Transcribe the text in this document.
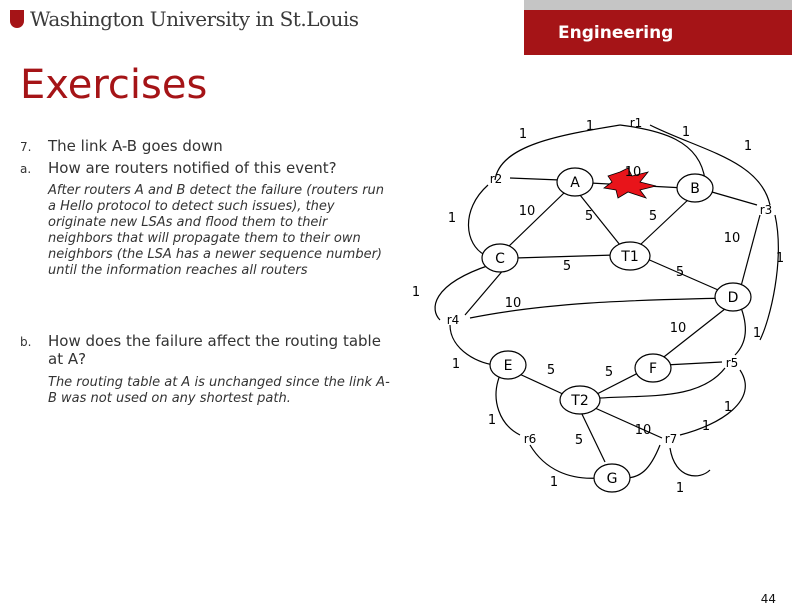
Washington University in St.Louis
Engineering
Exercises
7. The link A-B goes down
a. How are routers notified of this event?
After routers A and B detect the failure (routers run
a Hello protocol to detect such issues), they
originate new LSAs and flood them to their
neighbors that will propagate them to their own
neighbors (the LSA has a newer sequence number)
until the information reaches all routers
b. How does the failure affect the routing table
at A?
The routing table at A is unchanged since the link A-
B was not used on any shortest path.
A	B
C
D
E	F
G
T1
T2
r1
r2
r3
r4
r5
r6	r7
1
1	1
1
10
10	5	5
10
5	5
1
1
10
1
10	1
1	5	5
1
1
5
10	1
1	1
44
